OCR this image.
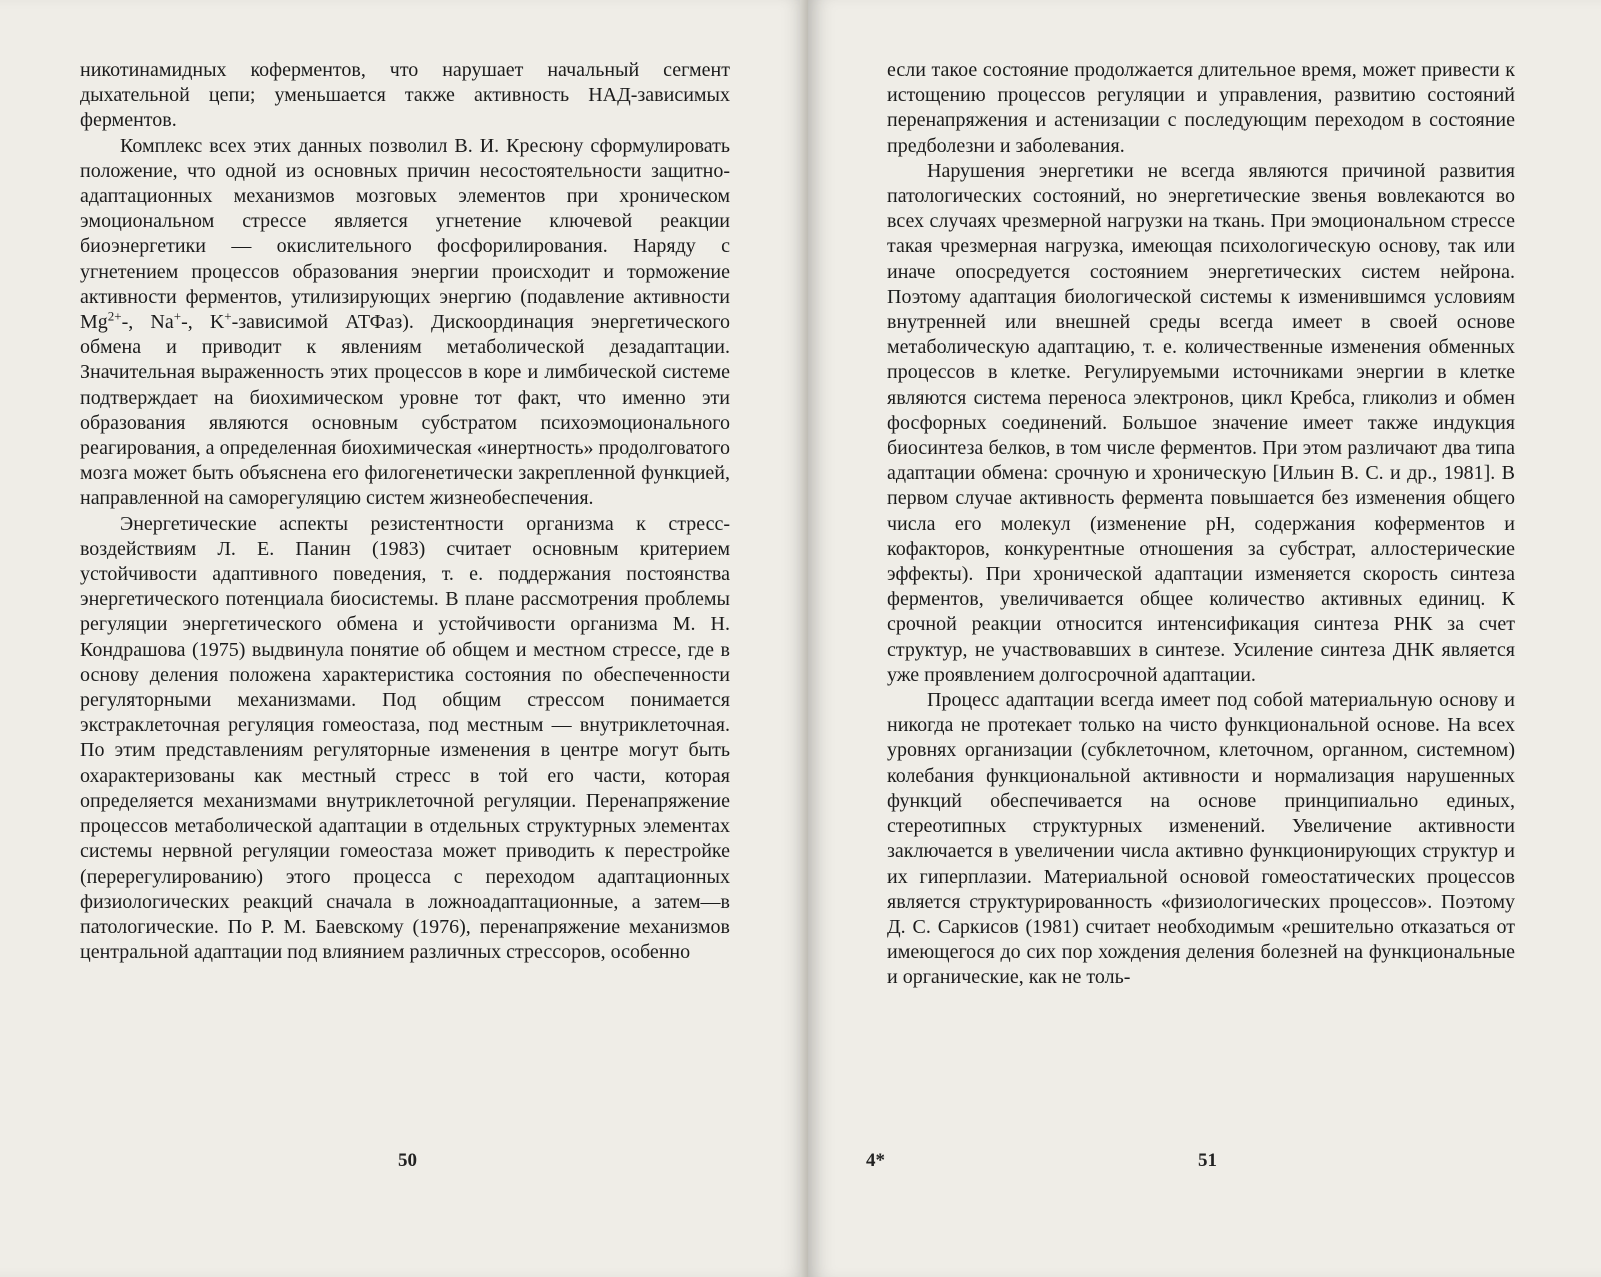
никотинамидных коферментов, что нарушает начальный сегмент дыхательной цепи; уменьшается также активность НАД-зависимых ферментов.

Комплекс всех этих данных позволил В. И. Кресюну сформулировать положение, что одной из основных причин несостоятельности защитно-адаптационных механизмов мозговых элементов при хроническом эмоциональном стрессе является угнетение ключевой реакции биоэнергетики — окислительного фосфорилирования. Наряду с угнетением процессов образования энергии происходит и торможение активности ферментов, утилизирующих энергию (подавление активности $Mg^{2+}-$, Na+-, K+-зависимой АТФаз). Дискоординация энергетического обмена и приводит к явлениям метаболической дезадаптации. Значительная выраженность этих процессов в коре и лимбической системе подтверждает на биохимическом уровне тот факт, что именно эти образования являются основным субстратом психоэмоционального реагирования, а определенная биохимическая «инертность» продолговатого мозга может быть объяснена его филогенетически закрепленной функцией, направленной на саморегуляцию систем жизнеобеспечения.

Энергетические аспекты резистентности организма к стресс-воздействиям Л. Е. Панин (1983) считает основным критерием устойчивости адаптивного поведения, т. е. поддержания постоянства энергетического потенциала биосистемы. В плане рассмотрения проблемы регуляции энергетического обмена и устойчивости организма М. Н. Кондрашова (1975) выдвинула понятие об общем и местном стрессе, где в основу деления положена характеристика состояния по обеспеченности регуляторными механизмами. Под общим стрессом понимается экстраклеточная регуляция гомеостаза, под местным — внутриклеточная. По этим представлениям регуляторные изменения в центре могут быть охарактеризованы как местный стресс в той его части, которая определяется механизмами внутриклеточной регуляции. Перенапряжение процессов метаболической адаптации в отдельных структурных элементах системы нервной регуляции гомеостаза может приводить к перестройке (перерегулированию) этого процесса с переходом адаптационных физиологических реакций сначала в ложноадаптационные, а затем—в патологические. По Р. М. Баевскому (1976), перенапряжение механизмов центральной адаптации под влиянием различных стрессоров, особенно

50

если такое состояние продолжается длительное время, может привести к истощению процессов регуляции и управления, развитию состояний перенапряжения и астенизации с последующим переходом в состояние предболезни и заболевания.

Нарушения энергетики не всегда являются причиной развития патологических состояний, но энергетические звенья вовлекаются во всех случаях чрезмерной нагрузки на ткань. При эмоциональном стрессе такая чрезмерная нагрузка, имеющая психологическую основу, так или иначе опосредуется состоянием энергетических систем нейрона. Поэтому адаптация биологической системы к изменившимся условиям внутренней или внешней среды всегда имеет в своей основе метаболическую адаптацию, т. е. количественные изменения обменных процессов в клетке. Регулируемыми источниками энергии в клетке являются система переноса электронов, цикл Кребса, гликолиз и обмен фосфорных соединений. Большое значение имеет также индукция биосинтеза белков, в том числе ферментов. При этом различают два типа адаптации обмена: срочную и хроническую [Ильин В. С. и др., 1981]. В первом случае активность фермента повышается без изменения общего числа его молекул (изменение pH, содержания коферментов и кофакторов, конкурентные отношения за субстрат, аллостерические эффекты). При хронической адаптации изменяется скорость синтеза ферментов, увеличивается общее количество активных единиц. К срочной реакции относится интенсификация синтеза РНК за счет структур, не участвовавших в синтезе. Усиление синтеза ДНК является уже проявлением долгосрочной адаптации.

Процесс адаптации всегда имеет под собой материальную основу и никогда не протекает только на чисто функциональной основе. На всех уровнях организации (субклеточном, клеточном, органном, системном) колебания функциональной активности и нормализация нарушенных функций обеспечивается на основе принципиально единых, стереотипных структурных изменений. Увеличение активности заключается в увеличении числа активно функционирующих структур и их гиперплазии. Материальной основой гомеостатических процессов является структурированность «физиологических процессов». Поэтому Д. С. Саркисов (1981) считает необходимым «решительно отказаться от имеющегося до сих пор хождения деления болезней на функциональные и органические, как не толь-

4*	51
